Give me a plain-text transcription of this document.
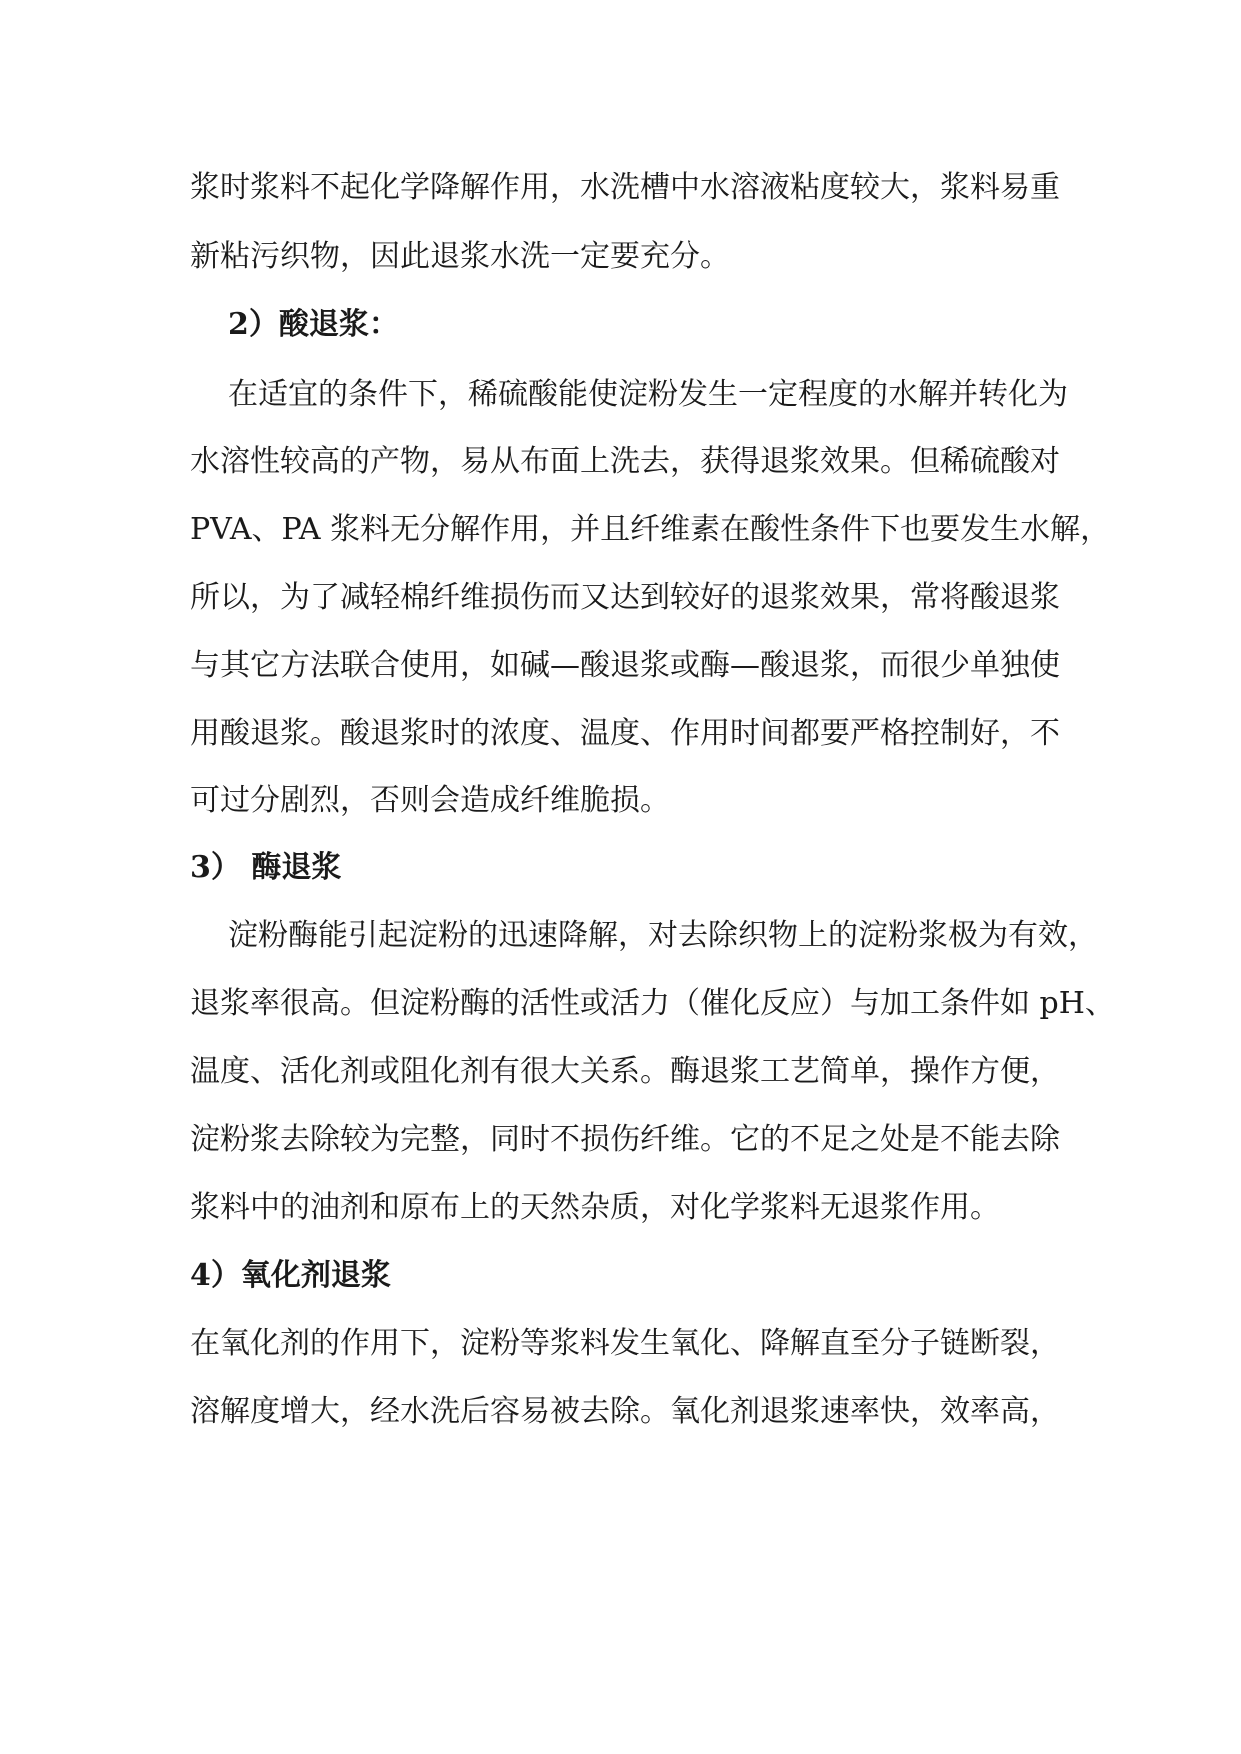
浆时浆料不起化学降解作用，水洗槽中水溶液粘度较大，浆料易重
新粘污织物，因此退浆水洗一定要充分。
2）酸退浆：
在适宜的条件下，稀硫酸能使淀粉发生一定程度的水解并转化为
水溶性较高的产物，易从布面上洗去，获得退浆效果。但稀硫酸对
PVA、PA 浆料无分解作用，并且纤维素在酸性条件下也要发生水解，
所以，为了减轻棉纤维损伤而又达到较好的退浆效果，常将酸退浆
与其它方法联合使用，如碱—酸退浆或酶—酸退浆，而很少单独使
用酸退浆。酸退浆时的浓度、温度、作用时间都要严格控制好，不
可过分剧烈，否则会造成纤维脆损。
3） 酶退浆
淀粉酶能引起淀粉的迅速降解，对去除织物上的淀粉浆极为有效，
退浆率很高。但淀粉酶的活性或活力（催化反应）与加工条件如 pH、
温度、活化剂或阻化剂有很大关系。酶退浆工艺简单，操作方便，
淀粉浆去除较为完整，同时不损伤纤维。它的不足之处是不能去除
浆料中的油剂和原布上的天然杂质，对化学浆料无退浆作用。
4）氧化剂退浆
在氧化剂的作用下，淀粉等浆料发生氧化、降解直至分子链断裂，
溶解度增大，经水洗后容易被去除。氧化剂退浆速率快，效率高，
